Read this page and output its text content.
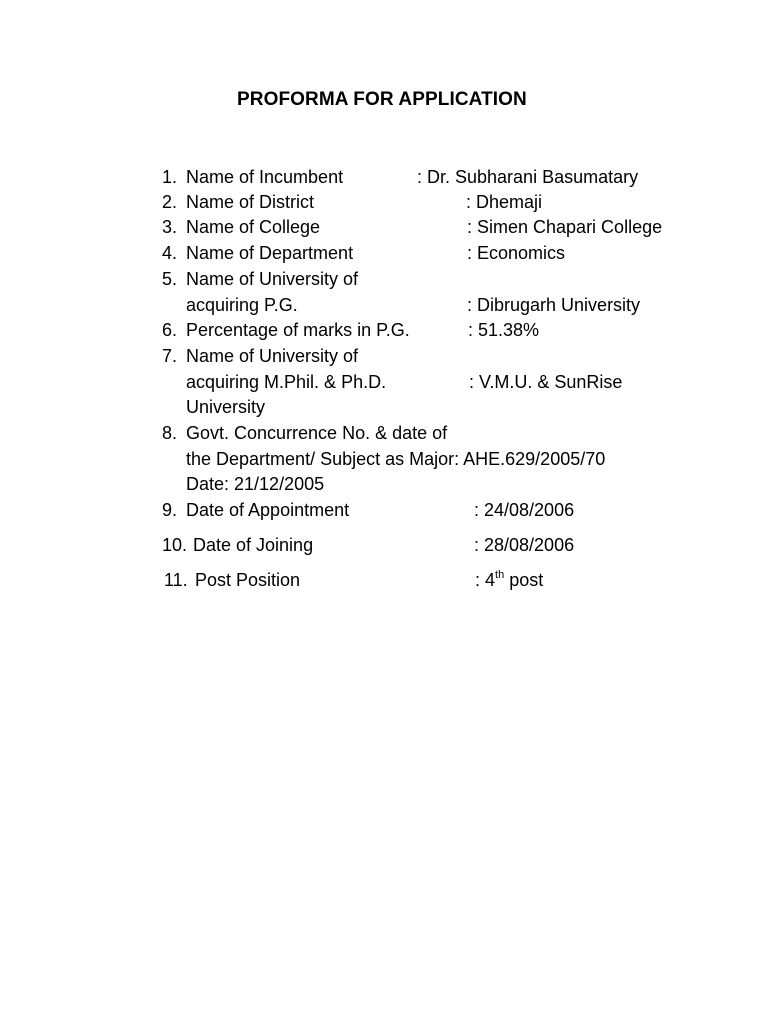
PROFORMA FOR APPLICATION
1. Name of Incumbent	: Dr. Subharani Basumatary
2. Name of District	: Dhemaji
3. Name of College	: Simen Chapari College
4. Name of Department	: Economics
5. Name of University of
acquiring P.G.	: Dibrugarh University
6. Percentage of marks in P.G.	: 51.38%
7. Name of University of
acquiring M.Phil. & Ph.D.	: V.M.U. & SunRise
University
8. Govt. Concurrence No. & date of
the Department/ Subject as Major: AHE.629/2005/70
Date: 21/12/2005
9. Date of Appointment	: 24/08/2006
10. Date of Joining	: 28/08/2006
11. Post Position	: 4th post
